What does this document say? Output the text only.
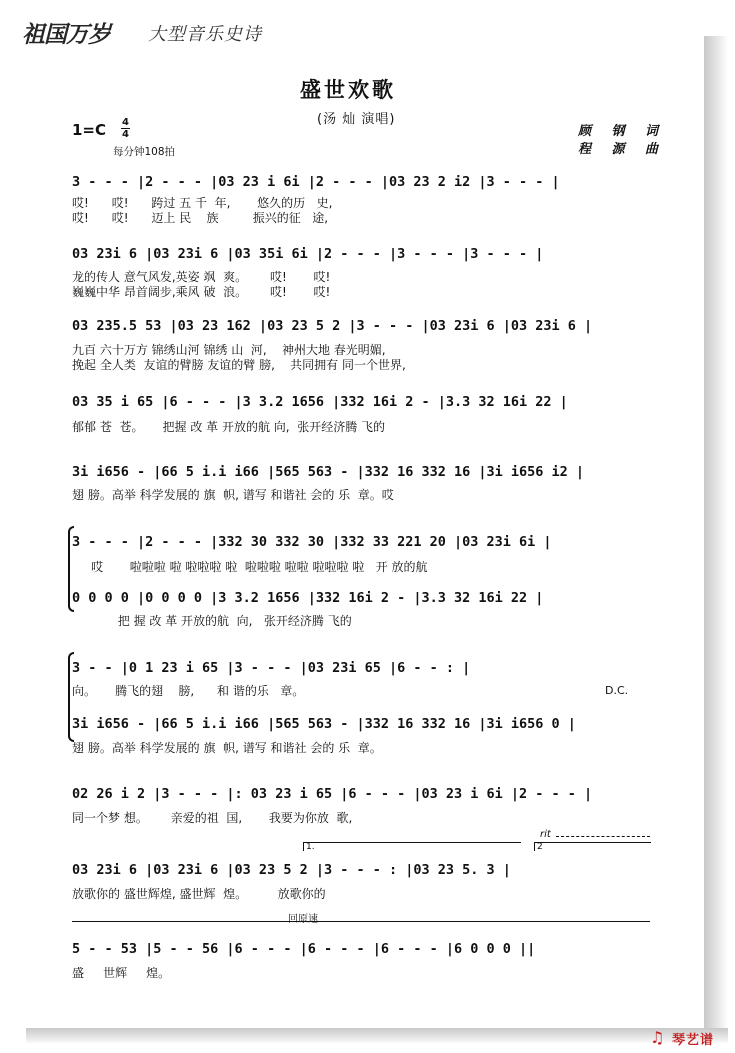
祖国万岁 大型音乐史诗
盛世欢歌
(汤 灿 演唱)
1=C 4
4
每分钟108拍
顾 钢 词
程 源 曲
3 - - - |2 - - - |03 23 i 6i |2 - - - |03 23 2 i2 |3 - - - |
哎!      哎!      跨过 五 千  年,       悠久的历   史,
哎!      哎!      迈上 民    族         振兴的征   途,
03 23i 6 |03 23i 6 |03 35i 6i |2 - - - |3 - - - |3 - - - |
龙的传人 意气风发,英姿 飒  爽。      哎!       哎!
巍巍中华 昂首阔步,乘风 破  浪。      哎!       哎!
03 235.5 53 |03 23 162 |03 23 5 2 |3 - - - |03 23i 6 |03 23i 6 |
九百 六十万方 锦绣山河 锦绣 山  河,    神州大地 春光明媚,
挽起 全人类  友谊的臂膀 友谊的臂 膀,    共同拥有 同一个世界,
03 35 i 65 |6 - - - |3 3.2 1656 |332 16i 2 - |3.3 32 16i 22 |
郁郁 苍  苍。     把握 改 革 开放的航 向,  张开经济腾 飞的
3i i656 - |66 5 i.i i66 |565 563 - |332 16 332 16 |3i i656 i2 |
翅 膀。高举 科学发展的 旗  帜, 谱写 和谐社 会的 乐  章。哎
3 - - - |2 - - - |332 30 332 30 |332 33 221 20 |03 23i 6i |
哎       啦啦啦 啦 啦啦啦 啦  啦啦啦 啦啦 啦啦啦 啦   开 放的航
0 0 0 0 |0 0 0 0 |3 3.2 1656 |332 16i 2 - |3.3 32 16i 22 |
把 握 改 革 开放的航  向,   张开经济腾 飞的
3 - - |0 1 23 i 65 |3 - - - |03 23i 65 |6 - - : |
向。     腾飞的翅    膀,      和 谐的乐   章。	D.C.
3i i656 - |66 5 i.i i66 |565 563 - |332 16 332 16 |3i i656 0 |
翅 膀。高举 科学发展的 旗  帜, 谱写 和谐社 会的 乐  章。
02 26 i 2 |3 - - - |: 03 23 i 65 |6 - - - |03 23 i 6i |2 - - - |
同一个梦 想。      亲爱的祖  国,       我要为你放  歌,
rit
1.	2
03 23i 6 |03 23i 6 |03 23 5 2 |3 - - - : |03 23 5. 3 |
放歌你的 盛世辉煌, 盛世辉  煌。        放歌你的
回原速
5 - - 53 |5 - - 56 |6 - - - |6 - - - |6 - - - |6 0 0 0 ||
盛     世辉     煌。
♫ 琴艺谱
